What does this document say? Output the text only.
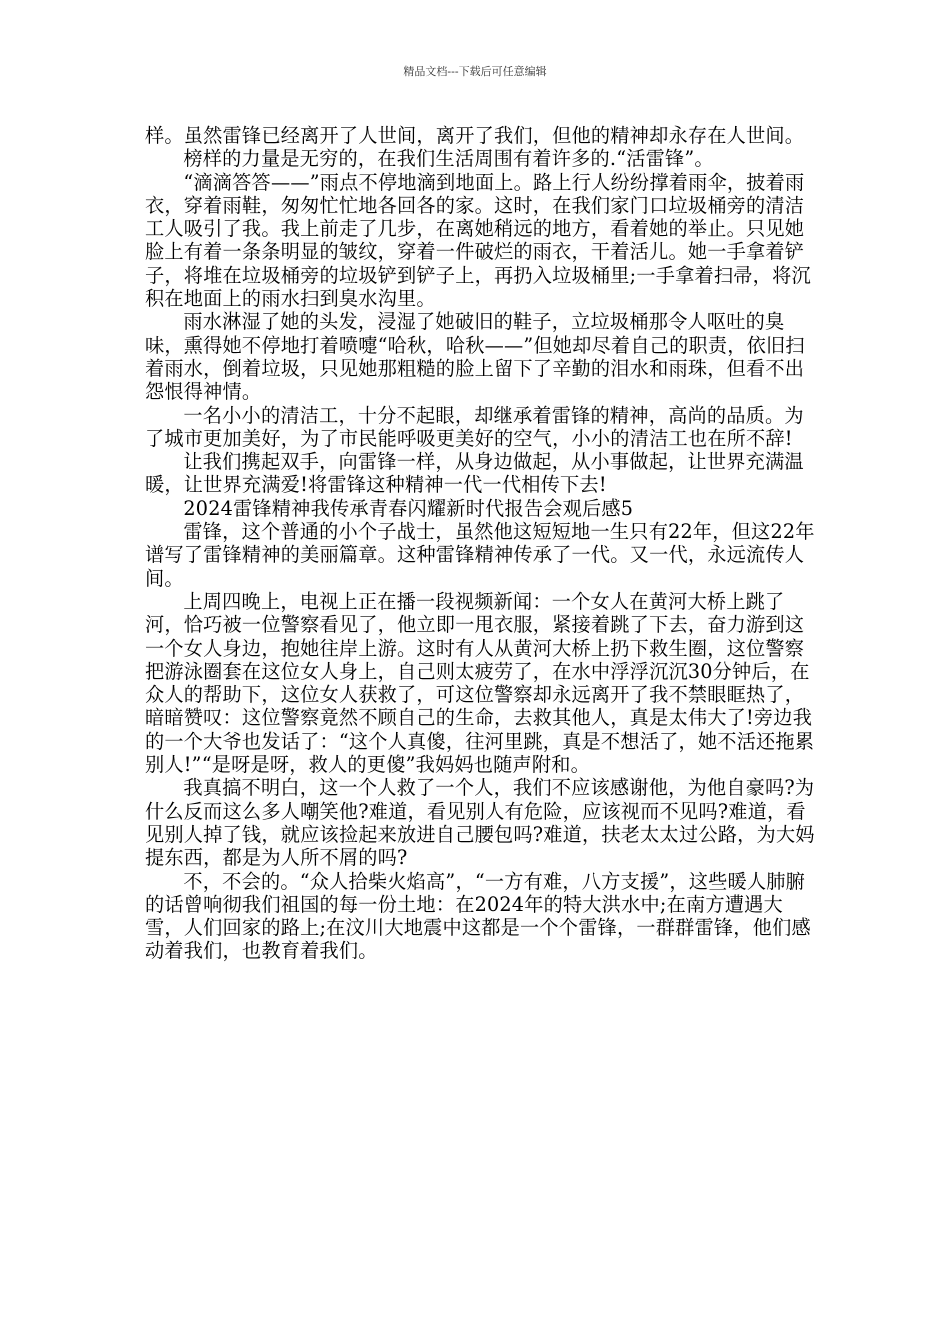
精品文档---下载后可任意编辑

样。虽然雷锋已经离开了人世间，离开了我们，但他的精神却永存在人世间。

榜样的力量是无穷的，在我们生活周围有着许多的.“活雷锋”。

“滴滴答答——”雨点不停地滴到地面上。路上行人纷纷撑着雨伞，披着雨衣，穿着雨鞋，匆匆忙忙地各回各的家。这时，在我们家门口垃圾桶旁的清洁工人吸引了我。我上前走了几步，在离她稍远的地方，看着她的举止。只见她脸上有着一条条明显的皱纹，穿着一件破烂的雨衣，干着活儿。她一手拿着铲子，将堆在垃圾桶旁的垃圾铲到铲子上，再扔入垃圾桶里;一手拿着扫帚，将沉积在地面上的雨水扫到臭水沟里。

雨水淋湿了她的头发，浸湿了她破旧的鞋子，立垃圾桶那令人呕吐的臭味，熏得她不停地打着喷嚏“哈秋，哈秋——”但她却尽着自己的职责，依旧扫着雨水，倒着垃圾，只见她那粗糙的脸上留下了辛勤的泪水和雨珠，但看不出怨恨得神情。

一名小小的清洁工，十分不起眼，却继承着雷锋的精神，高尚的品质。为了城市更加美好，为了市民能呼吸更美好的空气，小小的清洁工也在所不辞!

让我们携起双手，向雷锋一样，从身边做起，从小事做起，让世界充满温暖，让世界充满爱!将雷锋这种精神一代一代相传下去!

2024雷锋精神我传承青春闪耀新时代报告会观后感5

雷锋，这个普通的小个子战士，虽然他这短短地一生只有22年，但这22年谱写了雷锋精神的美丽篇章。这种雷锋精神传承了一代。又一代，永远流传人间。

上周四晚上，电视上正在播一段视频新闻：一个女人在黄河大桥上跳了河，恰巧被一位警察看见了，他立即一甩衣服，紧接着跳了下去，奋力游到这一个女人身边，抱她往岸上游。这时有人从黄河大桥上扔下救生圈，这位警察把游泳圈套在这位女人身上，自己则太疲劳了，在水中浮浮沉沉30分钟后，在众人的帮助下，这位女人获救了，可这位警察却永远离开了我不禁眼眶热了，暗暗赞叹：这位警察竟然不顾自己的生命，去救其他人，真是太伟大了!旁边我的一个大爷也发话了：“这个人真傻，往河里跳，真是不想活了，她不活还拖累别人!”“是呀是呀，救人的更傻”我妈妈也随声附和。

我真搞不明白，这一个人救了一个人，我们不应该感谢他，为他自豪吗?为什么反而这么多人嘲笑他?难道，看见别人有危险，应该视而不见吗?难道，看见别人掉了钱，就应该捡起来放进自己腰包吗?难道，扶老太太过公路，为大妈提东西，都是为人所不屑的吗?

不，不会的。“众人拾柴火焰高”，“一方有难，八方支援”，这些暖人肺腑的话曾响彻我们祖国的每一份土地：在2024年的特大洪水中;在南方遭遇大雪，人们回家的路上;在汶川大地震中这都是一个个雷锋，一群群雷锋，他们感动着我们，也教育着我们。
